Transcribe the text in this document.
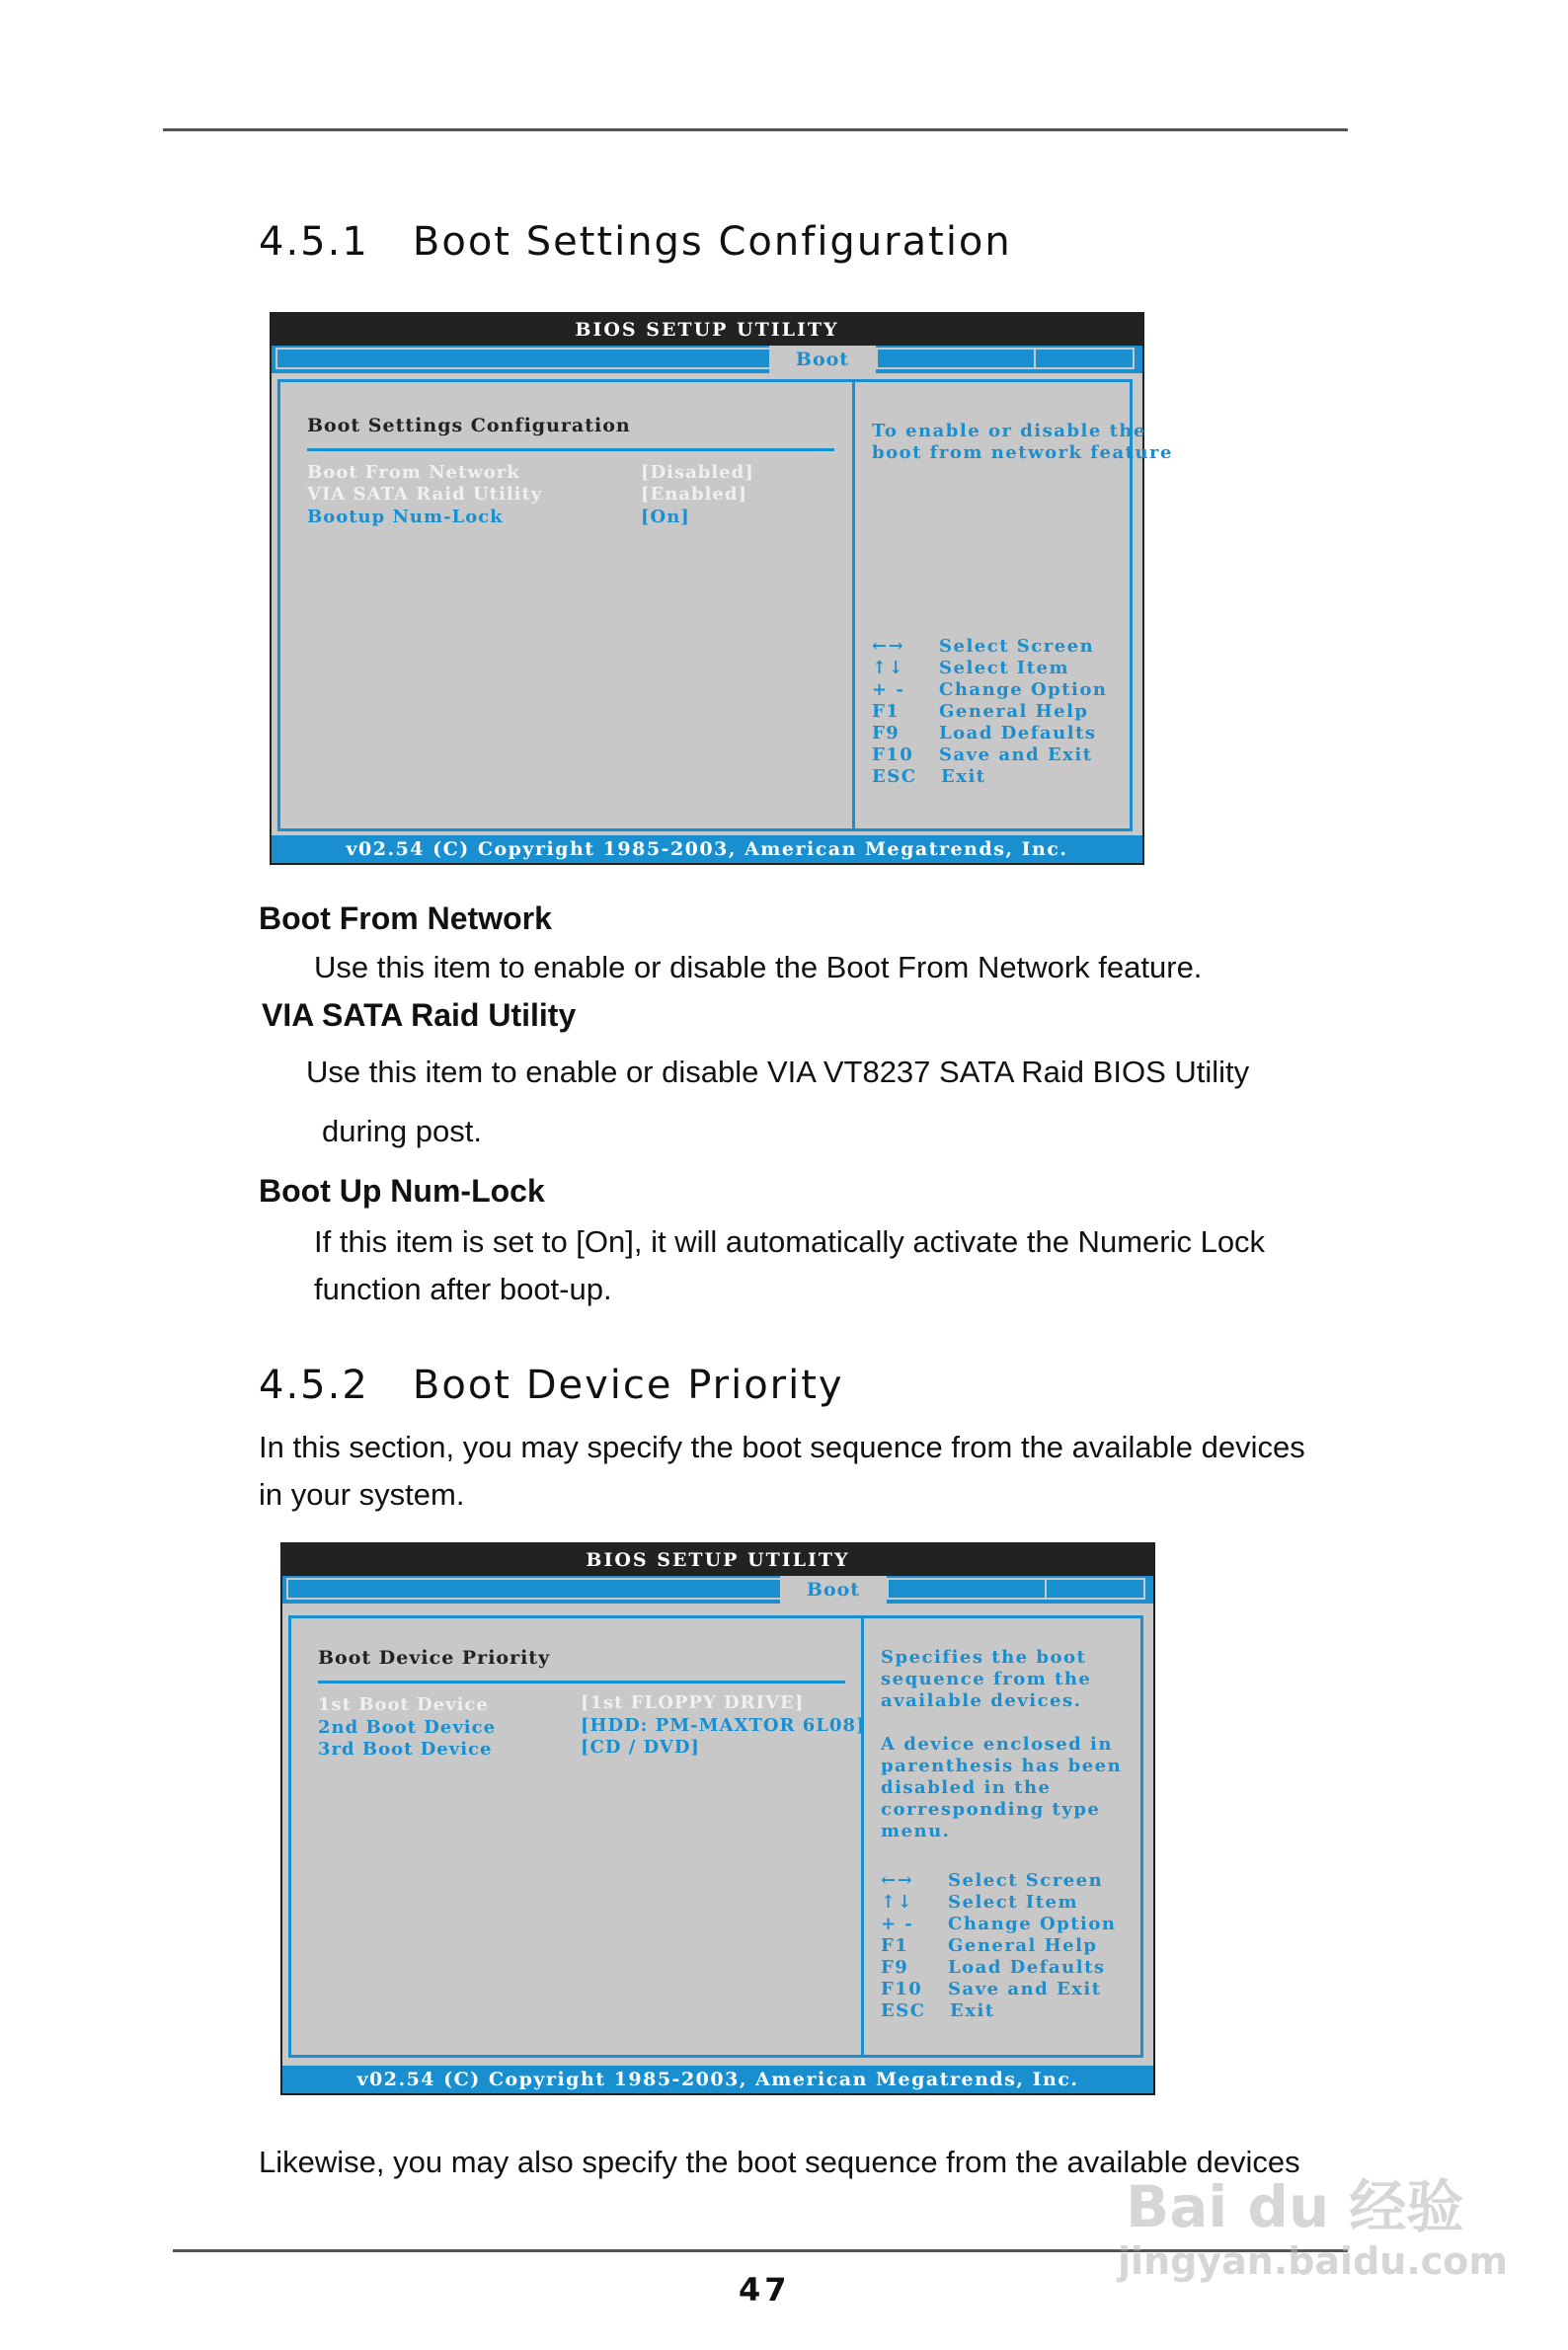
4.5.1   Boot Settings Configuration
BIOS SETUP UTILITY
Boot
Boot Settings Configuration
Boot From Network	[Disabled]
VIA SATA Raid Utility	[Enabled]
Bootup Num-Lock	[On]
To enable or disable the
boot from network feature
←→ Select Screen
↑↓ Select Item
+ - Change Option
F1 General Help
F9 Load Defaults
F10 Save and Exit
ESC Exit
v02.54 (C) Copyright 1985-2003, American Megatrends, Inc.
Boot From Network
Use this item to enable or disable the Boot From Network feature.
VIA SATA Raid Utility
Use this item to enable or disable VIA VT8237 SATA Raid BIOS Utility
during post.
Boot Up Num-Lock
If this item is set to [On], it will automatically activate the Numeric Lock
function after boot-up.
4.5.2   Boot Device Priority
In this section, you may specify the boot sequence from the available devices
in your system.
BIOS SETUP UTILITY
Boot
Boot Device Priority
1st Boot Device	[1st FLOPPY DRIVE]
2nd Boot Device	[HDD: PM-MAXTOR 6L08]
3rd Boot Device	[CD / DVD]
Specifies the boot
sequence from the
available devices.
A device enclosed in
parenthesis has been
disabled in the
corresponding type
menu.
←→ Select Screen
↑↓ Select Item
+ - Change Option
F1 General Help
F9 Load Defaults
F10 Save and Exit
ESC Exit
v02.54 (C) Copyright 1985-2003, American Megatrends, Inc.
Likewise, you may also specify the boot sequence from the available devices
47
Bai du 经验
jingyan.baidu.com
